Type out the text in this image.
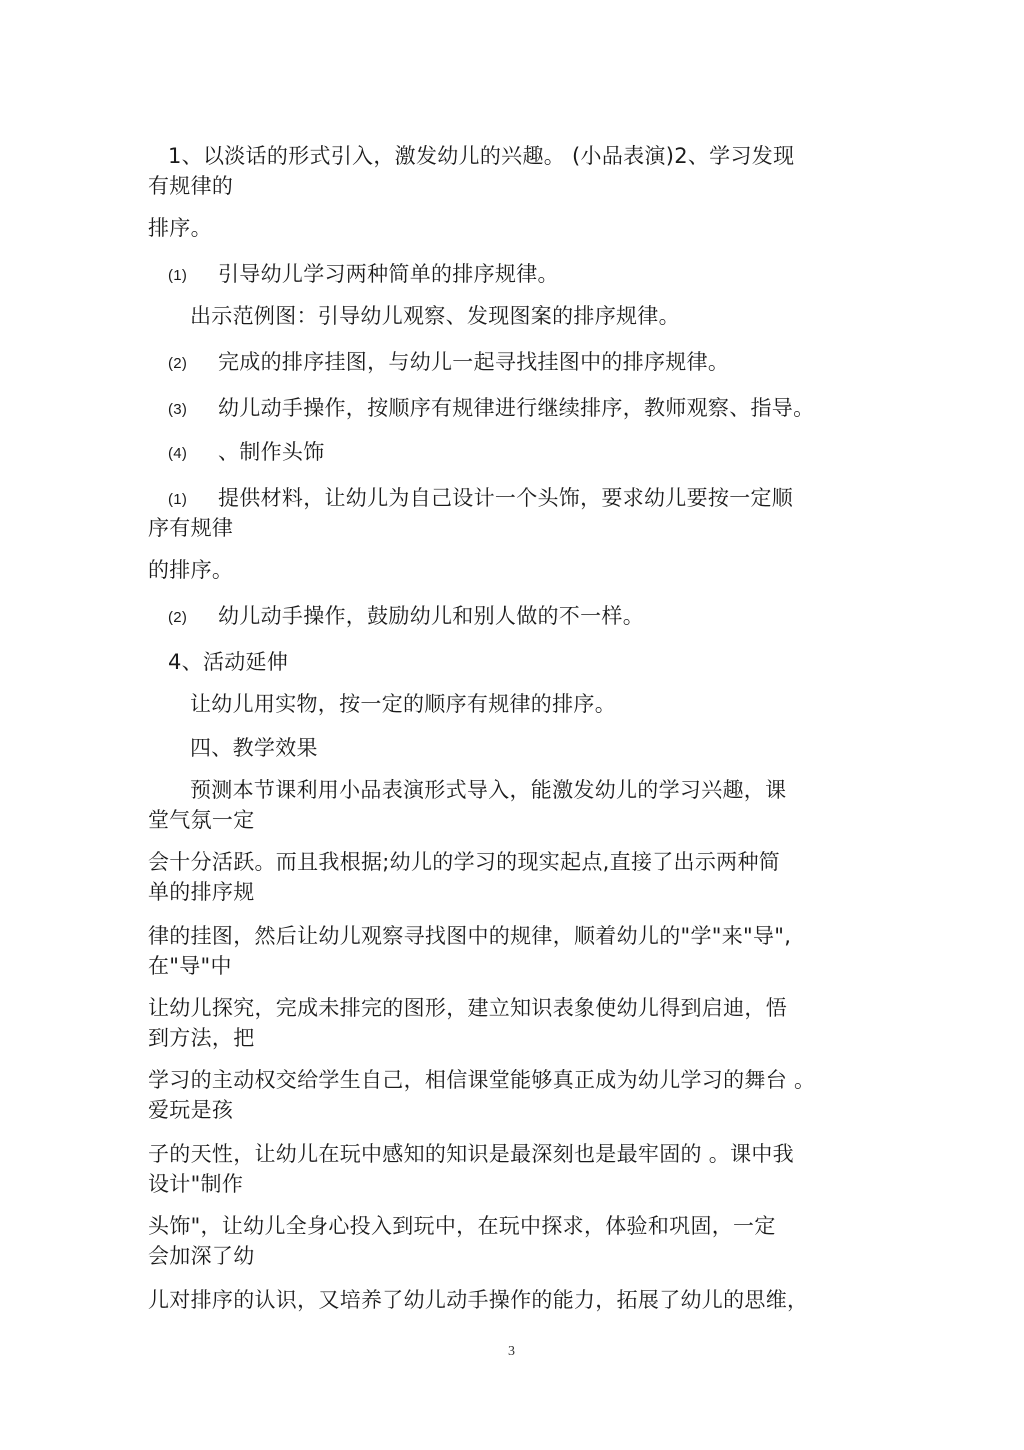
1、以淡话的形式引入，激发幼儿的兴趣。 (小品表演)2、学习发现
有规律的
排序。
(1) 引导幼儿学习两种简单的排序规律。
出示范例图：引导幼儿观察、发现图案的排序规律。
(2) 完成的排序挂图，与幼儿一起寻找挂图中的排序规律。
(3) 幼儿动手操作，按顺序有规律进行继续排序，教师观察、指导。
(4) 、制作头饰
(1) 提供材料，让幼儿为自己设计一个头饰，要求幼儿要按一定顺
序有规律
的排序。
(2) 幼儿动手操作，鼓励幼儿和别人做的不一样。
4、活动延伸
让幼儿用实物，按一定的顺序有规律的排序。
四、教学效果
预测本节课利用小品表演形式导入，能激发幼儿的学习兴趣，课
堂气氛一定
会十分活跃。而且我根据;幼儿的学习的现实起点,直接了出示两种简
单的排序规
律的挂图，然后让幼儿观察寻找图中的规律，顺着幼儿的"学"来"导",
在"导"中
让幼儿探究，完成未排完的图形，建立知识表象使幼儿得到启迪，悟
到方法，把
学习的主动权交给学生自己，相信课堂能够真正成为幼儿学习的舞台 。
爱玩是孩
子的天性，让幼儿在玩中感知的知识是最深刻也是最牢固的 。课中我
设计"制作
头饰"，让幼儿全身心投入到玩中，在玩中探求，体验和巩固，一定
会加深了幼
儿对排序的认识，又培养了幼儿动手操作的能力，拓展了幼儿的思维，
3
